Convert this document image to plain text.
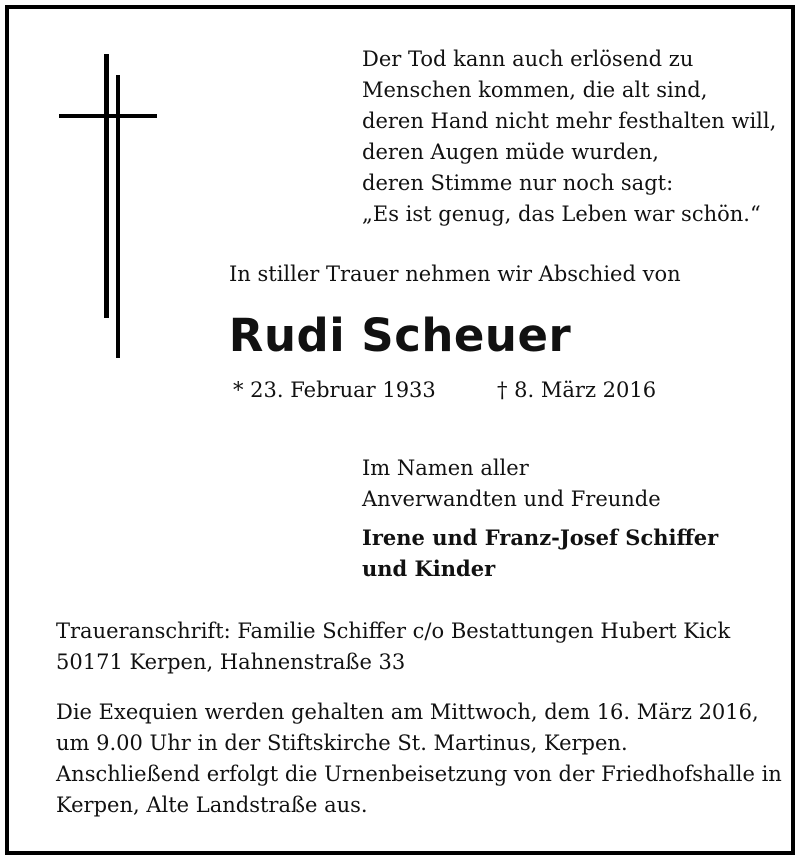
Der Tod kann auch erlösend zu
Menschen kommen, die alt sind,
deren Hand nicht mehr festhalten will,
deren Augen müde wurden,
deren Stimme nur noch sagt:
„Es ist genug, das Leben war schön.“
In stiller Trauer nehmen wir Abschied von
Rudi Scheuer
* 23. Februar 1933	† 8. März 2016
Im Namen aller
Anverwandten und Freunde
Irene und Franz-Josef Schiffer
und Kinder
Traueranschrift: Familie Schiffer c/o Bestattungen Hubert Kick
50171 Kerpen, Hahnenstraße 33
Die Exequien werden gehalten am Mittwoch, dem 16. März 2016,
um 9.00 Uhr in der Stiftskirche St. Martinus, Kerpen.
Anschließend erfolgt die Urnenbeisetzung von der Friedhofshalle in
Kerpen, Alte Landstraße aus.
